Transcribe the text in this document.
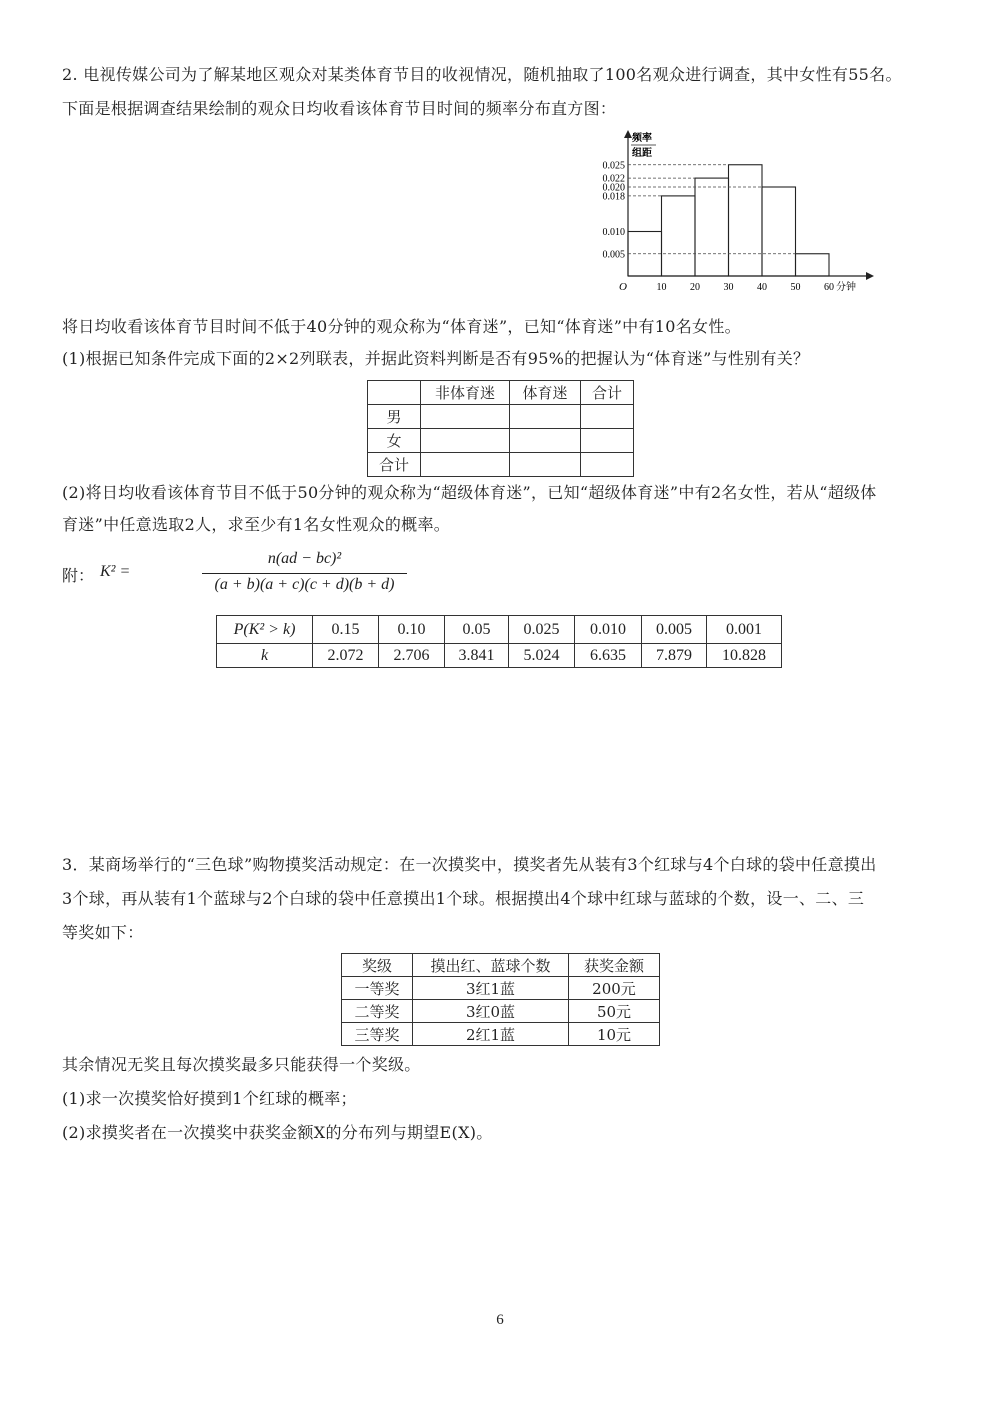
2. 电视传媒公司为了解某地区观众对某类体育节目的收视情况，随机抽取了100名观众进行调查，其中女性有55名。
下面是根据调查结果绘制的观众日均收看该体育节目时间的频率分布直方图：
频率
组距
0.005
0.010
0.018
0.020
0.022
0.025
O	10 20 30 40 50 60 分钟
将日均收看该体育节目时间不低于40分钟的观众称为“体育迷”，已知“体育迷”中有10名女性。
(1)根据已知条件完成下面的2×2列联表，并据此资料判断是否有95%的把握认为“体育迷”与性别有关？
	非体育迷	体育迷	合计
男			
女			
合计			
(2)将日均收看该体育节目不低于50分钟的观众称为“超级体育迷”，已知“超级体育迷”中有2名女性，若从“超级体
育迷”中任意选取2人，求至少有1名女性观众的概率。
附： K² =
n(ad − bc)²
(a + b)(a + c)(c + d)(b + d)
P(K² > k)	0.15	0.10	0.05	0.025	0.010	0.005	0.001
k	2.072	2.706	3.841	5.024	6.635	7.879	10.828
3．某商场举行的“三色球”购物摸奖活动规定：在一次摸奖中，摸奖者先从装有3个红球与4个白球的袋中任意摸出
3个球，再从装有1个蓝球与2个白球的袋中任意摸出1个球。根据摸出4个球中红球与蓝球的个数，设一、二、三
等奖如下：
奖级	摸出红、蓝球个数	获奖金额
一等奖	3红1蓝	200元
二等奖	3红0蓝	50元
三等奖	2红1蓝	10元
其余情况无奖且每次摸奖最多只能获得一个奖级。
(1)求一次摸奖恰好摸到1个红球的概率；
(2)求摸奖者在一次摸奖中获奖金额X的分布列与期望E(X)。
6
